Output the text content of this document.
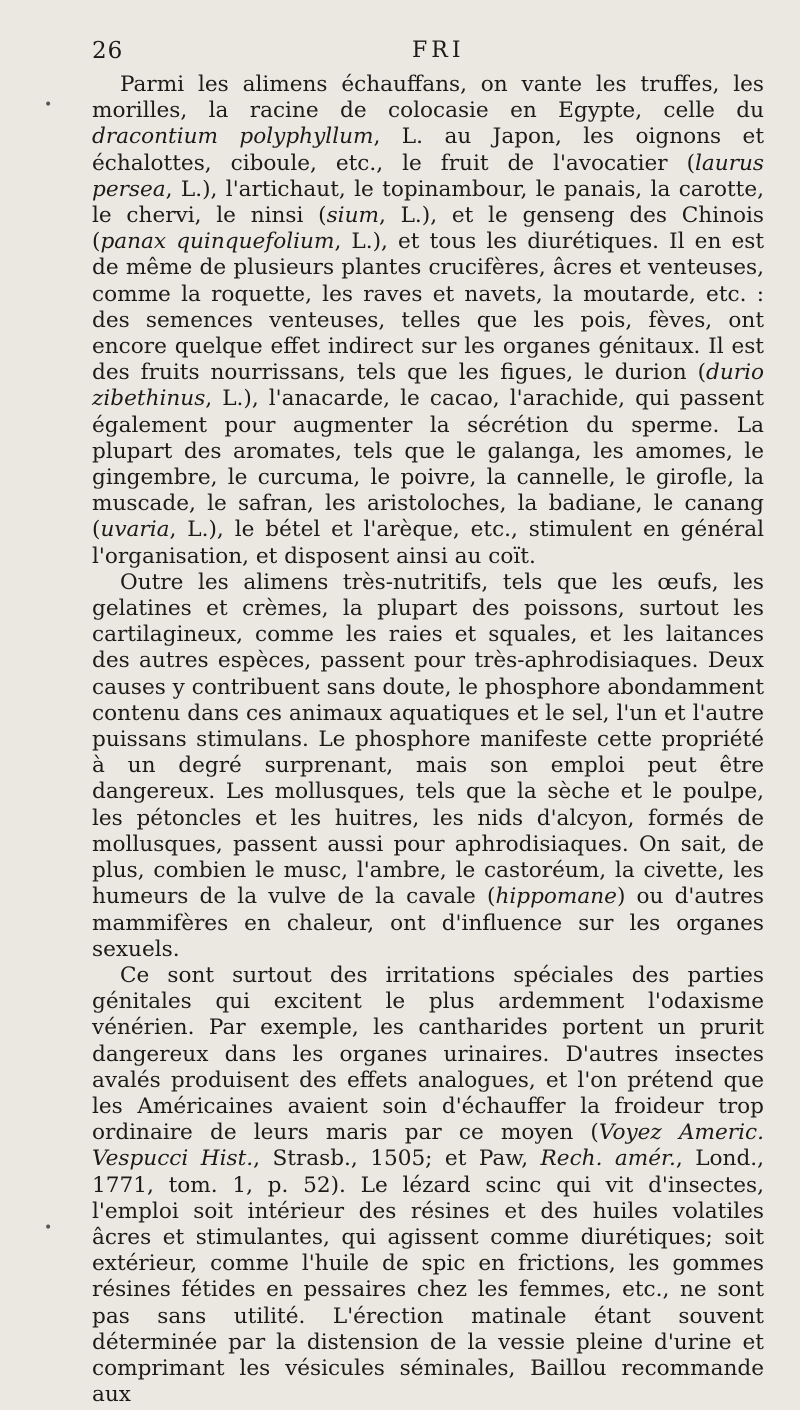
26	FRI
•
•

Parmi les alimens échauffans, on vante les truffes, les morilles, la racine de colocasie en Egypte, celle du dracontium polyphyllum, L. au Japon, les oignons et échalottes, ciboule, etc., le fruit de l'avocatier (laurus persea, L.), l'artichaut, le topinambour, le panais, la carotte, le chervi, le ninsi (sium, L.), et le genseng des Chinois (panax quinquefolium, L.), et tous les diurétiques. Il en est de même de plusieurs plantes crucifères, âcres et venteuses, comme la roquette, les raves et navets, la moutarde, etc. : des semences venteuses, telles que les pois, fèves, ont encore quelque effet indirect sur les organes génitaux. Il est des fruits nourrissans, tels que les figues, le durion (durio zibethinus, L.), l'anacarde, le cacao, l'arachide, qui passent également pour augmenter la sécrétion du sperme. La plupart des aromates, tels que le galanga, les amomes, le gingembre, le curcuma, le poivre, la cannelle, le girofle, la muscade, le safran, les aristoloches, la badiane, le canang (uvaria, L.), le bétel et l'arèque, etc., stimulent en général l'organisation, et disposent ainsi au coït.

Outre les alimens très-nutritifs, tels que les œufs, les gelatines et crèmes, la plupart des poissons, surtout les cartilagineux, comme les raies et squales, et les laitances des autres espèces, passent pour très-aphrodisiaques. Deux causes y contribuent sans doute, le phosphore abondamment contenu dans ces animaux aquatiques et le sel, l'un et l'autre puissans stimulans. Le phosphore manifeste cette propriété à un degré surprenant, mais son emploi peut être dangereux. Les mollusques, tels que la sèche et le poulpe, les pétoncles et les huitres, les nids d'alcyon, formés de mollusques, passent aussi pour aphrodisiaques. On sait, de plus, combien le musc, l'ambre, le castoréum, la civette, les humeurs de la vulve de la cavale (hippomane) ou d'autres mammifères en chaleur, ont d'influence sur les organes sexuels.

Ce sont surtout des irritations spéciales des parties génitales qui excitent le plus ardemment l'odaxisme vénérien. Par exemple, les cantharides portent un prurit dangereux dans les organes urinaires. D'autres insectes avalés produisent des effets analogues, et l'on prétend que les Américaines avaient soin d'échauffer la froideur trop ordinaire de leurs maris par ce moyen (Voyez Americ. Vespucci Hist., Strasb., 1505; et Paw, Rech. amér., Lond., 1771, tom. 1, p. 52). Le lézard scinc qui vit d'insectes, l'emploi soit intérieur des résines et des huiles volatiles âcres et stimulantes, qui agissent comme diurétiques; soit extérieur, comme l'huile de spic en frictions, les gommes résines fétides en pessaires chez les femmes, etc., ne sont pas sans utilité. L'érection matinale étant souvent déterminée par la distension de la vessie pleine d'urine et comprimant les vésicules séminales, Baillou recommande aux
